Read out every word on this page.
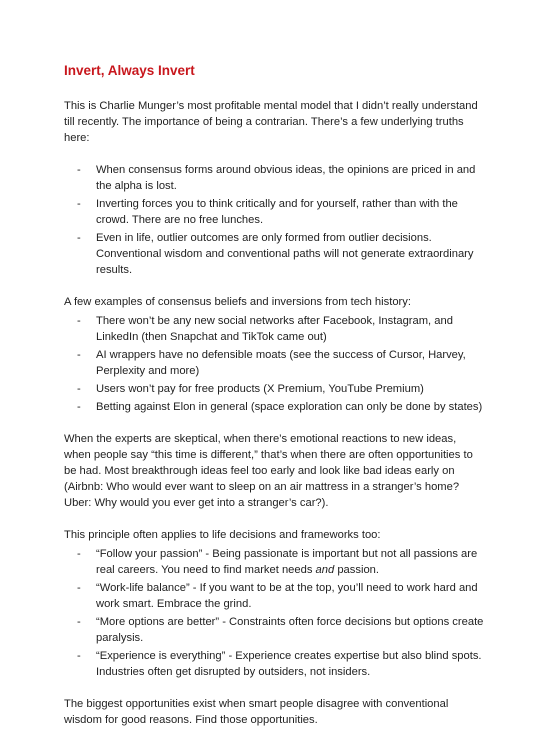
Invert, Always Invert
This is Charlie Munger’s most profitable mental model that I didn’t really understand till recently. The importance of being a contrarian. There’s a few underlying truths here:
- When consensus forms around obvious ideas, the opinions are priced in and the alpha is lost.
- Inverting forces you to think critically and for yourself, rather than with the crowd. There are no free lunches.
- Even in life, outlier outcomes are only formed from outlier decisions. Conventional wisdom and conventional paths will not generate extraordinary results.
A few examples of consensus beliefs and inversions from tech history:
- There won’t be any new social networks after Facebook, Instagram, and LinkedIn (then Snapchat and TikTok came out)
- AI wrappers have no defensible moats (see the success of Cursor, Harvey, Perplexity and more)
- Users won’t pay for free products (X Premium, YouTube Premium)
- Betting against Elon in general (space exploration can only be done by states)
When the experts are skeptical, when there’s emotional reactions to new ideas, when people say “this time is different,” that’s when there are often opportunities to be had. Most breakthrough ideas feel too early and look like bad ideas early on (Airbnb: Who would ever want to sleep on an air mattress in a stranger’s home? Uber: Why would you ever get into a stranger’s car?).
This principle often applies to life decisions and frameworks too:
- “Follow your passion” - Being passionate is important but not all passions are real careers. You need to find market needs and passion.
- “Work-life balance” - If you want to be at the top, you’ll need to work hard and work smart. Embrace the grind.
- “More options are better” - Constraints often force decisions but options create paralysis.
- “Experience is everything” - Experience creates expertise but also blind spots. Industries often get disrupted by outsiders, not insiders.
The biggest opportunities exist when smart people disagree with conventional wisdom for good reasons. Find those opportunities.
